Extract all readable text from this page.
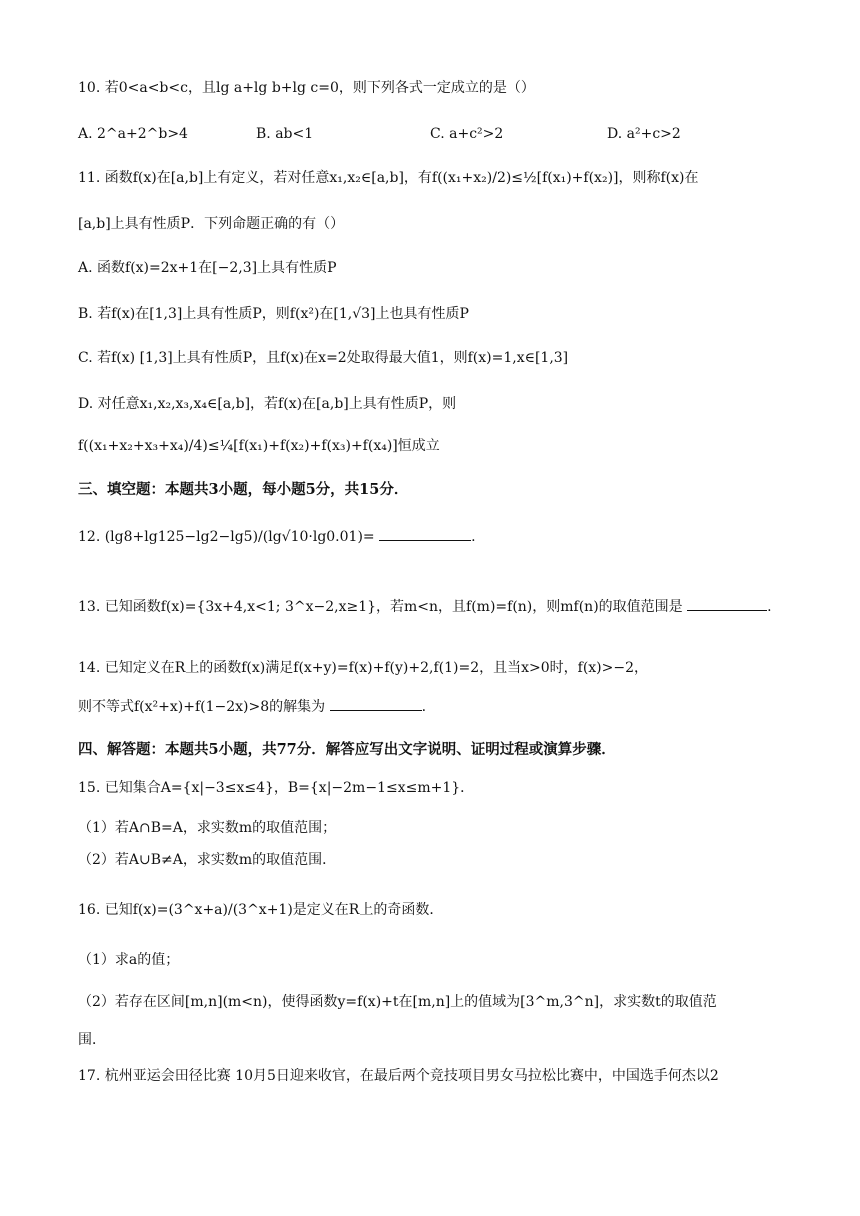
10. 若0<a<b<c，且lg a+lg b+lg c=0，则下列各式一定成立的是（）
A. 2^a+2^b>4	B. ab<1	C. a+c²>2	D. a²+c>2
11. 函数f(x)在[a,b]上有定义，若对任意x₁,x₂∈[a,b]，有f((x₁+x₂)/2)≤½[f(x₁)+f(x₂)]，则称f(x)在
[a,b]上具有性质P．下列命题正确的有（）
A. 函数f(x)=2x+1在[−2,3]上具有性质P
B. 若f(x)在[1,3]上具有性质P，则f(x²)在[1,√3]上也具有性质P
C. 若f(x) [1,3]上具有性质P，且f(x)在x=2处取得最大值1，则f(x)=1,x∈[1,3]
D. 对任意x₁,x₂,x₃,x₄∈[a,b]，若f(x)在[a,b]上具有性质P，则
f((x₁+x₂+x₃+x₄)/4)≤¼[f(x₁)+f(x₂)+f(x₃)+f(x₄)]恒成立
三、填空题：本题共3小题，每小题5分，共15分．
12. (lg8+lg125−lg2−lg5)/(lg√10·lg0.01)=	.
13. 已知函数f(x)={3x+4,x<1; 3^x−2,x≥1}，若m<n，且f(m)=f(n)，则mf(n)的取值范围是	.
14. 已知定义在R上的函数f(x)满足f(x+y)=f(x)+f(y)+2,f(1)=2，且当x>0时，f(x)>−2，
则不等式f(x²+x)+f(1−2x)>8的解集为	.
四、解答题：本题共5小题，共77分．解答应写出文字说明、证明过程或演算步骤．
15. 已知集合A={x|−3≤x≤4}，B={x|−2m−1≤x≤m+1}．
（1）若A∩B=A，求实数m的取值范围；
（2）若A∪B≠A，求实数m的取值范围．
16. 已知f(x)=(3^x+a)/(3^x+1)是定义在R上的奇函数．
（1）求a的值；
（2）若存在区间[m,n](m<n)，使得函数y=f(x)+t在[m,n]上的值域为[3^m,3^n]，求实数t的取值范
围．
17. 杭州亚运会田径比赛 10月5日迎来收官，在最后两个竞技项目男女马拉松比赛中，中国选手何杰以2
